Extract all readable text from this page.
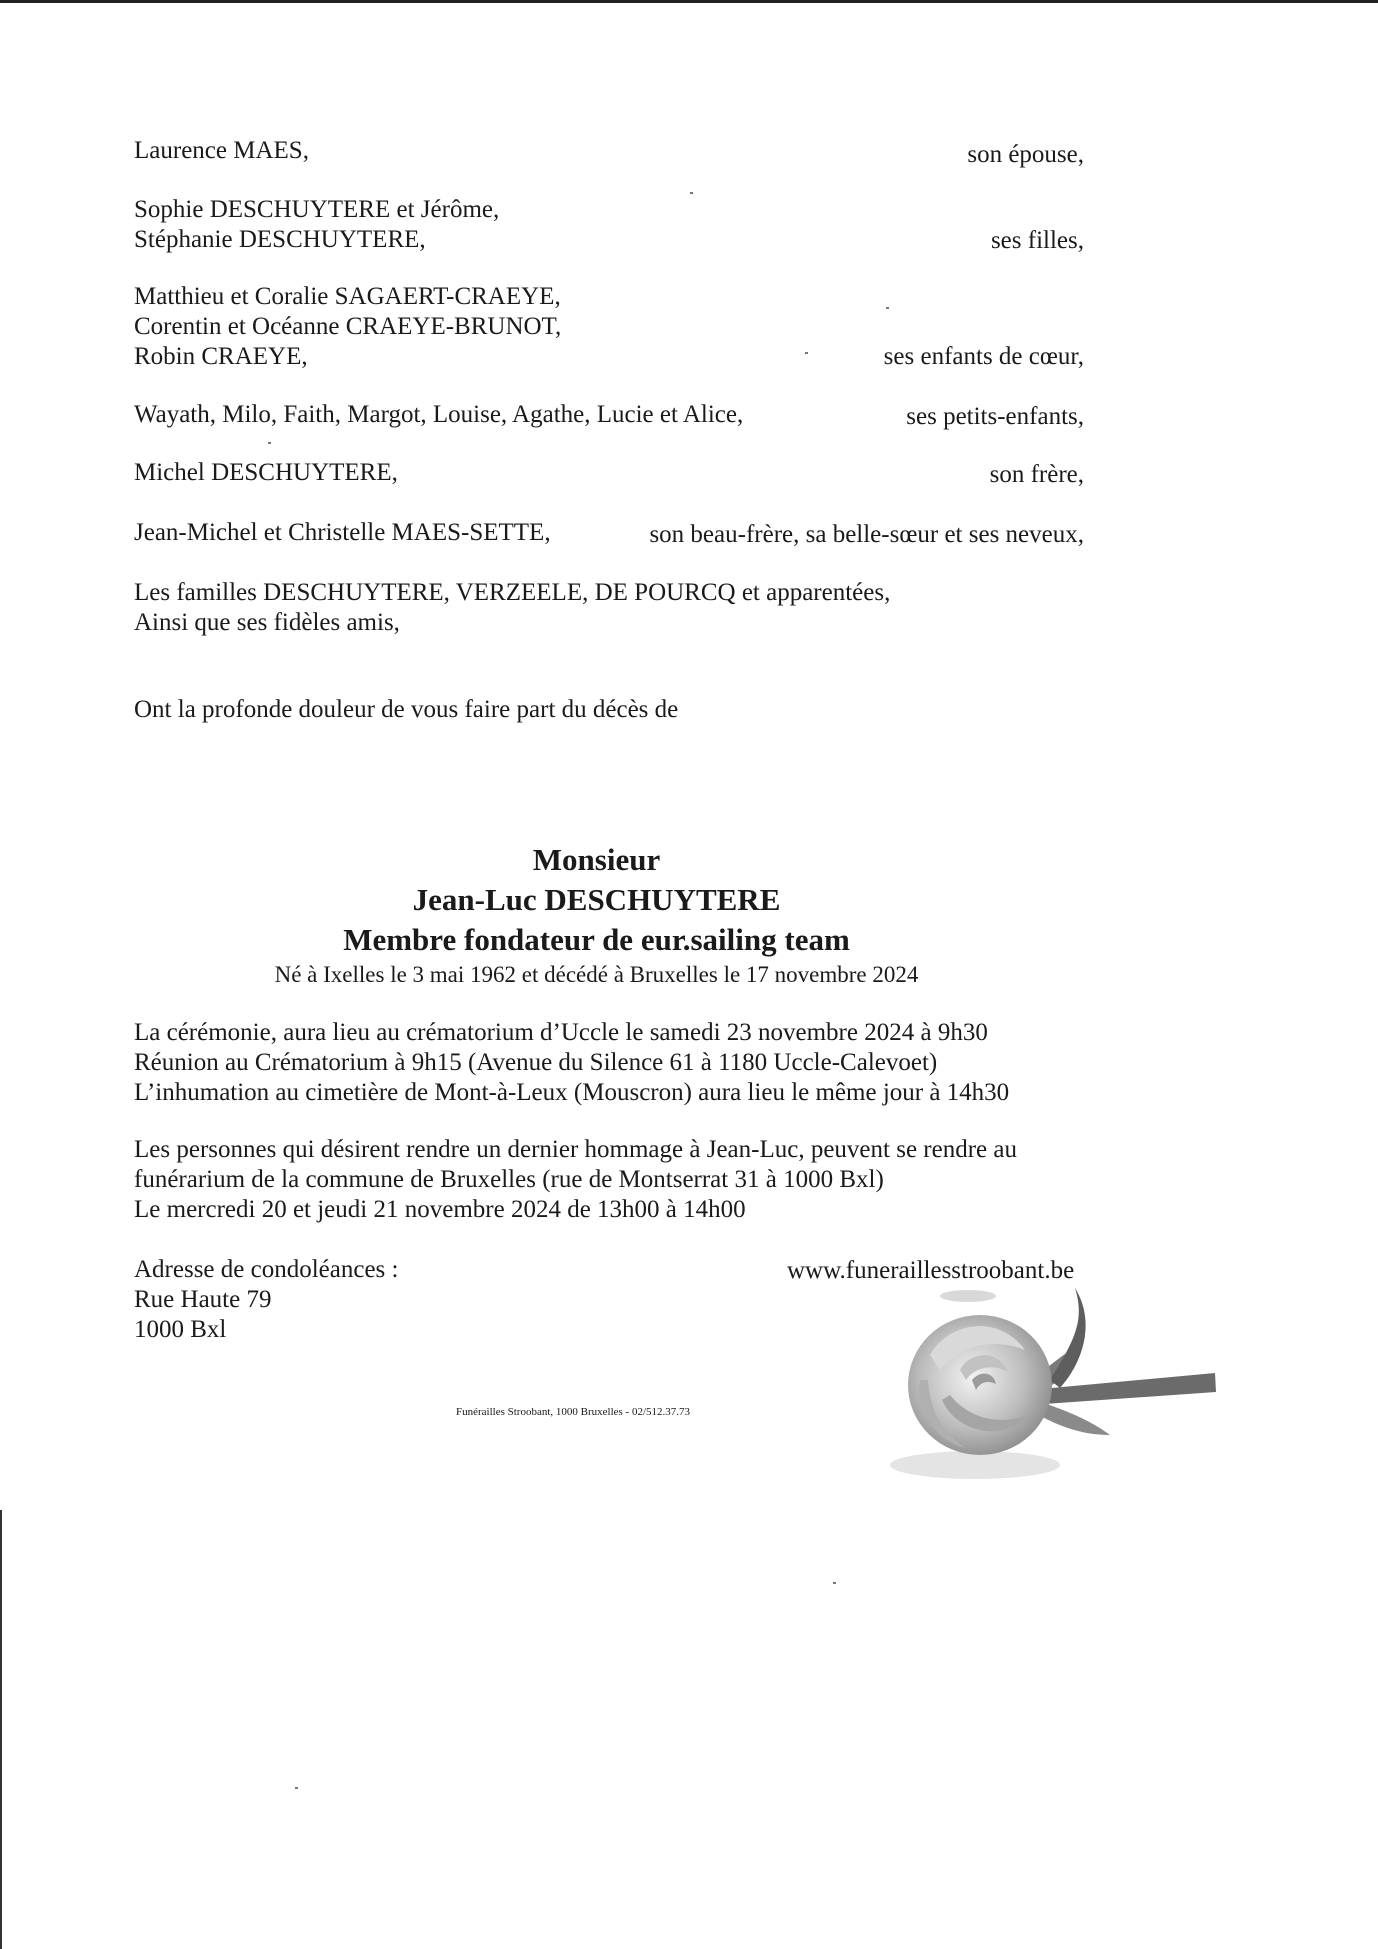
Laurence MAES,	son épouse,
Sophie DESCHUYTERE et Jérôme,
Stéphanie DESCHUYTERE,	ses filles,
Matthieu et Coralie SAGAERT-CRAEYE,
Corentin et Océanne CRAEYE-BRUNOT,
Robin CRAEYE,	ses enfants de cœur,
Wayath, Milo, Faith, Margot, Louise, Agathe, Lucie et Alice,	ses petits-enfants,
Michel DESCHUYTERE,	son frère,
Jean-Michel et Christelle MAES-SETTE,	son beau-frère, sa belle-sœur et ses neveux,
Les familles DESCHUYTERE, VERZEELE, DE POURCQ et apparentées,
Ainsi que ses fidèles amis,
Ont la profonde douleur de vous faire part du décès de
Monsieur
Jean-Luc DESCHUYTERE
Membre fondateur de eur.sailing team
Né à Ixelles le 3 mai 1962 et décédé à Bruxelles le 17 novembre 2024
La cérémonie, aura lieu au crématorium d’Uccle le samedi 23 novembre 2024 à 9h30
Réunion au Crématorium à 9h15 (Avenue du Silence 61 à 1180 Uccle-Calevoet)
L’inhumation au cimetière de Mont-à-Leux (Mouscron) aura lieu le même jour à 14h30
Les personnes qui désirent rendre un dernier hommage à Jean-Luc, peuvent se rendre au
funérarium de la commune de Bruxelles (rue de Montserrat 31 à 1000 Bxl)
Le mercredi 20 et jeudi 21 novembre 2024 de 13h00 à 14h00
Adresse de condoléances :
Rue Haute 79
1000 Bxl
www.funeraillesstroobant.be
Funérailles Stroobant, 1000 Bruxelles - 02/512.37.73
